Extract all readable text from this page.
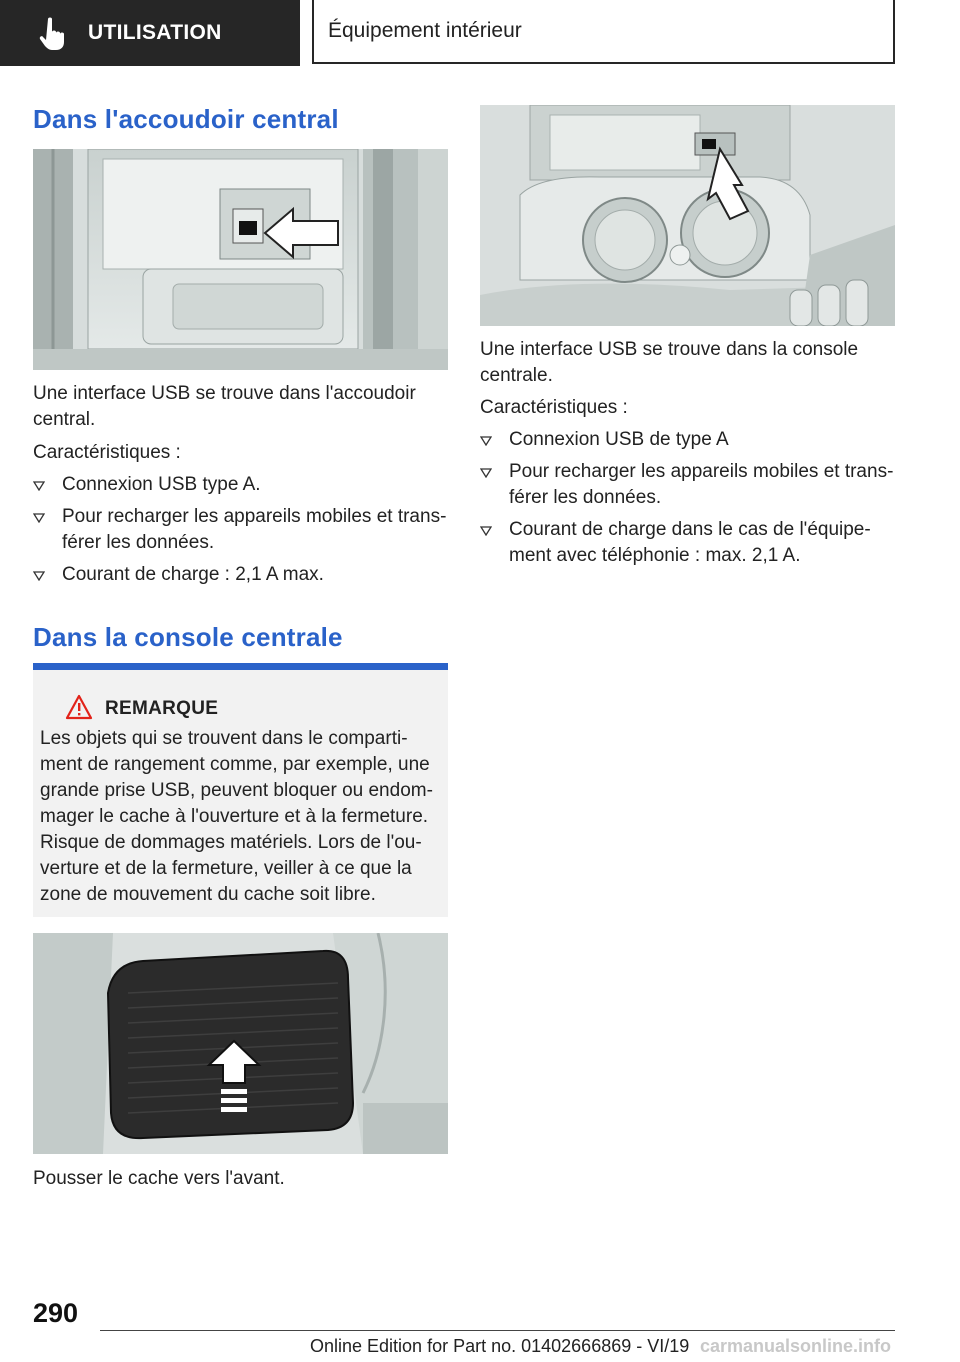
UTILISATION	Équipement intérieur
Dans l'accoudoir central
Une interface USB se trouve dans l'accoudoir central.
Caractéristiques :
Connexion USB type A.
Pour recharger les appareils mobiles et trans‐férer les données.
Courant de charge : 2,1 A max.
Dans la console centrale
REMARQUE
Les objets qui se trouvent dans le comparti‐ment de rangement comme, par exemple, une grande prise USB, peuvent bloquer ou endom‐mager le cache à l'ouverture et à la fermeture. Risque de dommages matériels. Lors de l'ou‐verture et de la fermeture, veiller à ce que la zone de mouvement du cache soit libre.
Pousser le cache vers l'avant.
Une interface USB se trouve dans la console centrale.
Caractéristiques :
Connexion USB de type A
Pour recharger les appareils mobiles et trans‐férer les données.
Courant de charge dans le cas de l'équipe‐ment avec téléphonie : max. 2,1 A.
290
Online Edition for Part no. 01402666869 - VI/19 carmanualsonline.info
